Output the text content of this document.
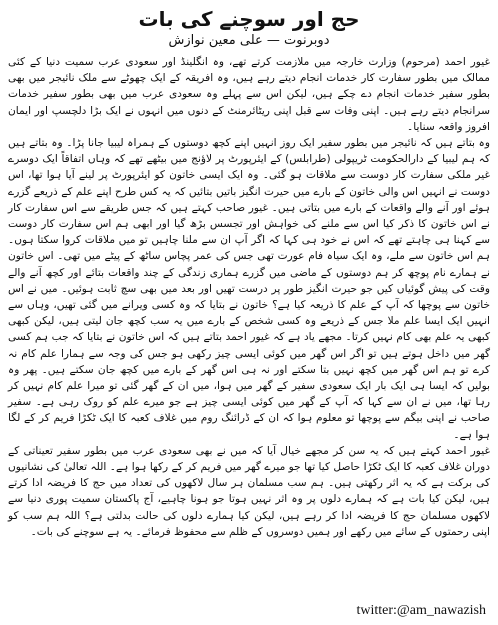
حج اور سوچنے کی بات
دوبرنوت — علی معین نوازش

غیور احمد (مرحوم) وزارت خارجہ میں ملازمت کرتے تھے، وہ انگلینڈ اور سعودی عرب سمیت دنیا کے کئی ممالک میں بطور سفارت کار خدمات انجام دیتے رہے ہیں، وہ افریقہ کے ایک چھوٹے سے ملک نائیجر میں بھی بطور سفیر خدمات انجام دے چکے ہیں، لیکن اس سے پہلے وہ سعودی عرب میں بھی بطور سفیر خدمات سرانجام دیتے رہے ہیں۔ اپنی وفات سے قبل اپنی ریٹائرمنٹ کے دنوں میں انہوں نے ایک بڑا دلچسپ اور ایمان افروز واقعہ سنایا۔

وہ بتاتے ہیں کہ نائیجر میں بطور سفیر ایک روز انہیں اپنے کچھ دوستوں کے ہمراہ لیبیا جانا پڑا۔ وہ بتاتے ہیں کہ ہم لیبیا کے دارالحکومت ٹریپولی (طرابلس) کے ایئرپورٹ پر لاؤنج میں بیٹھے تھے کہ وہاں اتفاقاً ایک دوسرے غیر ملکی سفارت کار دوست سے ملاقات ہو گئی۔ وہ ایک ایسی خاتون کو ایئرپورٹ پر لینے آیا ہوا تھا، اس دوست نے انہیں اس والی خاتون کے بارے میں حیرت انگیز باتیں بتائیں کہ یہ کس طرح اپنے علم کے ذریعے گزرے ہوئے اور آنے والے واقعات کے بارے میں بتاتی ہیں۔ غیور صاحب کہتے ہیں کہ جس طریقے سے اس سفارت کار نے اس خاتون کا ذکر کیا اس سے ملنے کی خواہش اور تجسس بڑھ گیا اور ابھی ہم اس سفارت کار دوست سے کہنا ہی چاہتے تھے کہ اس نے خود ہی کہا کہ اگر آپ ان سے ملنا چاہیں تو میں ملاقات کروا سکتا ہوں۔ ہم اس خاتون سے ملے، وہ ایک سیاہ فام عورت تھی جس کی عمر پچاس ساٹھ کے پیٹے میں تھی۔ اس خاتون نے ہمارے نام پوچھ کر ہم دوستوں کے ماضی میں گزرے ہماری زندگی کے چند واقعات بتائے اور کچھ آنے والے وقت کی پیش گوئیاں کیں جو حیرت انگیز طور پر درست تھیں اور بعد میں بھی سچ ثابت ہوئیں۔ میں نے اس خاتون سے پوچھا کہ آپ کے علم کا ذریعہ کیا ہے؟ خاتون نے بتایا کہ وہ کسی ویرانے میں گئی تھیں، وہاں سے انہیں ایک ایسا علم ملا جس کے ذریعے وہ کسی شخص کے بارے میں یہ سب کچھ جان لیتی ہیں، لیکن کبھی کبھی یہ علم بھی کام نہیں کرتا۔ مجھے یاد ہے کہ غیور احمد بتاتے ہیں کہ اس خاتون نے بتایا کہ جب ہم کسی گھر میں داخل ہوتے ہیں تو اگر اس گھر میں کوئی ایسی چیز رکھی ہو جس کی وجہ سے ہمارا علم کام نہ کرے تو ہم اس گھر میں کچھ نہیں بتا سکتے اور نہ ہی اس گھر کے بارے میں کچھ جان سکتے ہیں۔ پھر وہ بولیں کہ ایسا ہی ایک بار ایک سعودی سفیر کے گھر میں ہوا، میں ان کے گھر گئی تو میرا علم کام نہیں کر رہا تھا، میں نے ان سے کہا کہ آپ کے گھر میں کوئی ایسی چیز ہے جو میرے علم کو روک رہی ہے۔ سفیر صاحب نے اپنی بیگم سے پوچھا تو معلوم ہوا کہ ان کے ڈرائنگ روم میں غلاف کعبہ کا ایک ٹکڑا فریم کر کے لگا ہوا ہے۔

غیور احمد کہتے ہیں کہ یہ سن کر مجھے خیال آیا کہ میں نے بھی سعودی عرب میں بطور سفیر تعیناتی کے دوران غلاف کعبہ کا ایک ٹکڑا حاصل کیا تھا جو میرے گھر میں فریم کر کے رکھا ہوا ہے۔ اللہ تعالیٰ کی نشانیوں کی برکت ہے کہ یہ اثر رکھتی ہیں۔ ہم سب مسلمان ہر سال لاکھوں کی تعداد میں حج کا فریضہ ادا کرتے ہیں، لیکن کیا بات ہے کہ ہمارے دلوں پر وہ اثر نہیں ہوتا جو ہونا چاہیے، آج پاکستان سمیت پوری دنیا سے لاکھوں مسلمان حج کا فریضہ ادا کر رہے ہیں، لیکن کیا ہمارے دلوں کی حالت بدلتی ہے؟ اللہ ہم سب کو اپنی رحمتوں کے سائے میں رکھے اور ہمیں دوسروں کے ظلم سے محفوظ فرمائے۔ یہ ہے سوچنے کی بات۔

twitter:@am_nawazish
